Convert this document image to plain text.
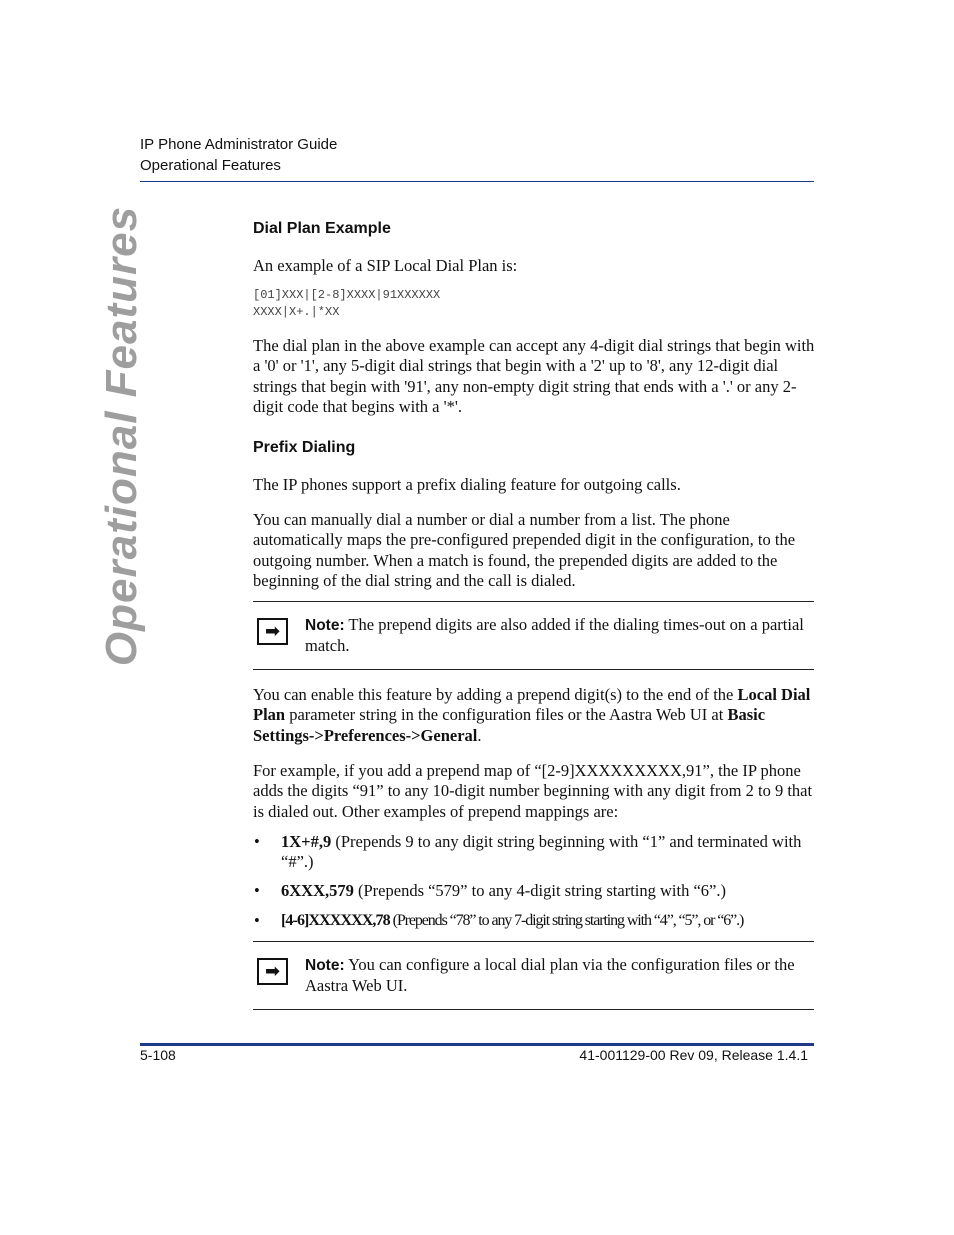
IP Phone Administrator Guide
Operational Features
Operational Features	Dial Plan Example

An example of a SIP Local Dial Plan is:

[01]XXX|[2-8]XXXX|91XXXXXX
XXXX|X+.|*XX

The dial plan in the above example can accept any 4-digit dial strings that begin with a '0' or '1', any 5-digit dial strings that begin with a '2' up to '8', any 12-digit dial strings that begin with '91', any non-empty digit string that ends with a '.' or any 2-digit code that begins with a '*'.

Prefix Dialing

The IP phones support a prefix dialing feature for outgoing calls.

You can manually dial a number or dial a number from a list. The phone automatically maps the pre-configured prepended digit in the configuration, to the outgoing number. When a match is found, the prepended digits are added to the beginning of the dial string and the call is dialed.

➡	Note: The prepend digits are also added if the dialing times-out on a partial match.

You can enable this feature by adding a prepend digit(s) to the end of the Local Dial Plan parameter string in the configuration files or the Aastra Web UI at Basic Settings->Preferences->General.

For example, if you add a prepend map of “[2-9]XXXXXXXXX,91”, the IP phone adds the digits “91” to any 10-digit number beginning with any digit from 2 to 9 that is dialed out. Other examples of prepend mappings are:

• 1X+#,9 (Prepends 9 to any digit string beginning with “1” and terminated with “#”.)

• 6XXX,579 (Prepends “579” to any 4-digit string starting with “6”.)

• [4-6]XXXXXX,78 (Prepends “78” to any 7-digit string starting with “4”, “5”, or “6”.)

➡	Note: You can configure a local dial plan via the configuration files or the Aastra Web UI.

5-108	41-001129-00 Rev 09, Release 1.4.1
